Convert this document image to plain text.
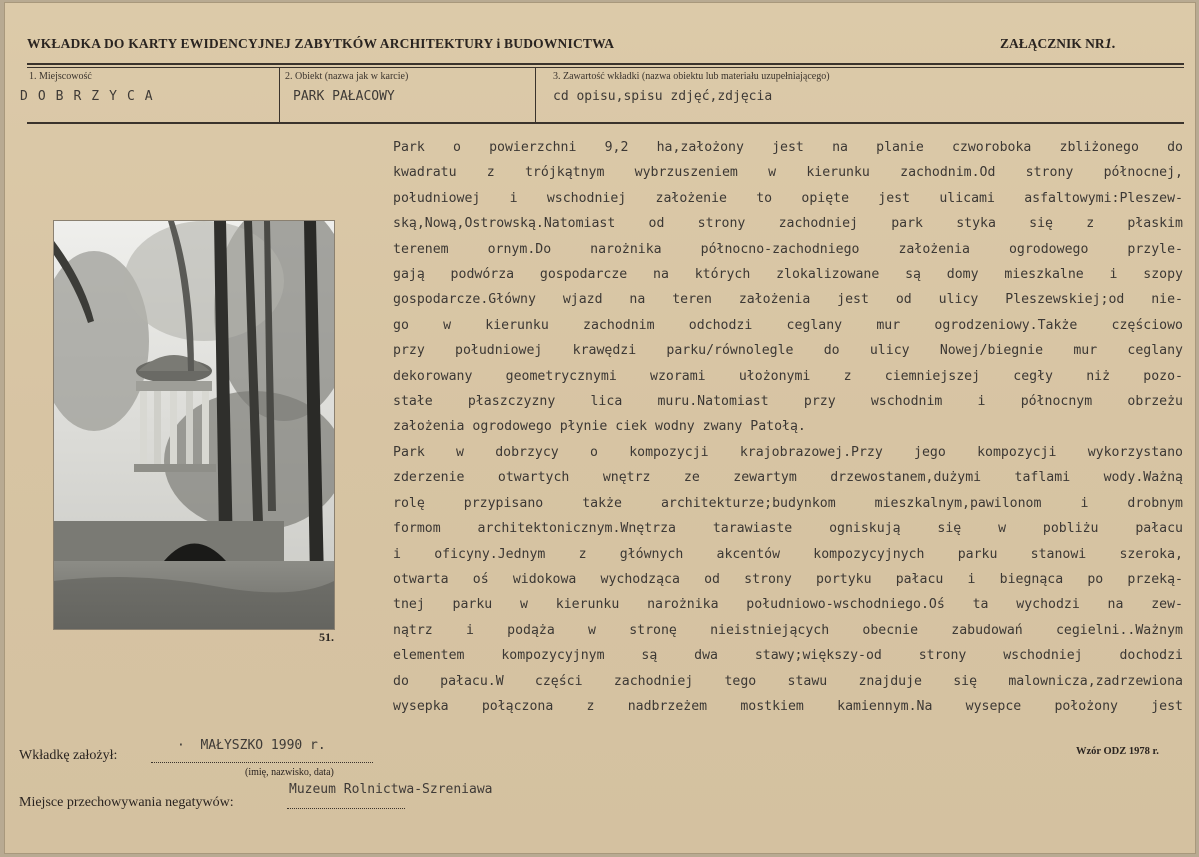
WKŁADKA DO KARTY EWIDENCYJNEJ ZABYTKÓW ARCHITEKTURY i BUDOWNICTWA	ZAŁĄCZNIK NR1.
1. Miejscowość
DOBRZYCA
2. Obiekt (nazwa jak w karcie)
PARK PAŁACOWY
3. Zawartość wkładki (nazwa obiektu lub materiału uzupełniającego)
cd opisu,spisu zdjęć,zdjęcia
Park o powierzchni 9,2 ha,założony jest na planie czworoboka zbliżonego do
kwadratu z trójkątnym wybrzuszeniem w kierunku zachodnim.Od strony północnej,
południowej i wschodniej założenie to opięte jest ulicami asfaltowymi:Pleszew-
ską,Nową,Ostrowską.Natomiast od strony zachodniej park styka się z płaskim
terenem ornym.Do narożnika północno-zachodniego założenia ogrodowego przyle-
gają podwórza gospodarcze na których zlokalizowane są domy mieszkalne i szopy
gospodarcze.Główny wjazd na teren założenia jest od ulicy Pleszewskiej;od nie-
go w kierunku zachodnim odchodzi ceglany mur ogrodzeniowy.Także częściowo
przy południowej krawędzi parku/równolegle do ulicy Nowej/biegnie mur ceglany
dekorowany geometrycznymi wzorami ułożonymi z ciemniejszej cegły niż pozo-
stałe płaszczyzny lica muru.Natomiast przy wschodnim i północnym obrzeżu
założenia ogrodowego płynie ciek wodny zwany Patołą.
Park w dobrzycy o kompozycji krajobrazowej.Przy jego kompozycji wykorzystano
zderzenie otwartych wnętrz ze zewartym drzewostanem,dużymi taflami wody.Ważną
rolę przypisano także architekturze;budynkom mieszkalnym,pawilonom i drobnym
formom architektonicznym.Wnętrza tarawiaste ogniskują się w pobliżu pałacu
i oficyny.Jednym z głównych akcentów kompozycyjnych parku stanowi szeroka,
otwarta oś widokowa wychodząca od strony portyku pałacu i biegnąca po przeką-
tnej parku w kierunku narożnika południowo-wschodniego.Oś ta wychodzi na zew-
nątrz i podąża w stronę nieistniejących obecnie zabudowań cegielni..Ważnym
elementem kompozycyjnym są dwa stawy;większy-od strony wschodniej dochodzi
do pałacu.W części zachodniej tego stawu znajduje się malownicza,zadrzewiona
wysepka połączona z nadbrzeżem mostkiem kamiennym.Na wysepce położony jest
51.
Wkładkę założył:
·  MAŁYSZKO 1990 r.
(imię, nazwisko, data)
Miejsce przechowywania negatywów:
Muzeum Rolnictwa-Szreniawa
Wzór ODZ 1978 r.
